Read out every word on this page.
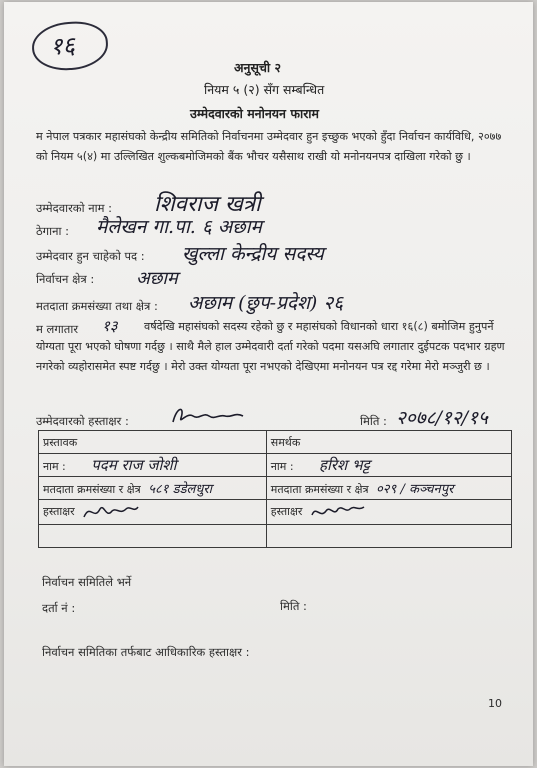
१६
अनुसूची २
नियम ५ (२) सँग सम्बन्धित
उम्मेदवारको मनोनयन फाराम
म नेपाल पत्रकार महासंघको केन्द्रीय समितिको निर्वाचनमा उम्मेदवार हुन इच्छुक भएको हुँदा निर्वाचन कार्यविधि, २०७७ को नियम ५(४) मा उल्लिखित शुल्कबमोजिमको बैंक भौचर यसैसाथ राखी यो मनोनयनपत्र दाखिला गरेको छु ।
उम्मेदवारको नाम : शिवराज खत्री
ठेगाना : मैलेखन गा.पा. ६ अछाम
उम्मेदवार हुन चाहेको पद : खुल्ला केन्द्रीय सदस्य
निर्वाचन क्षेत्र : अछाम
मतदाता क्रमसंख्या तथा क्षेत्र : अछाम (छुप-प्रदेश) २६
म लगातार १३	वर्षदेखि महासंघको सदस्य रहेको छु र महासंघको विधानको धारा १६(८) बमोजिम हुनुपर्ने योग्यता पूरा भएको घोषणा गर्दछु । साथै मैले हाल उम्मेदवारी दर्ता गरेको पदमा यसअघि लगातार दुईपटक पदभार ग्रहण नगरेको व्यहोरासमेत स्पष्ट गर्दछु । मेरो उक्त योग्यता पूरा नभएको देखिएमा मनोनयन पत्र रद्द गरेमा मेरो मञ्जुरी छ ।
उम्मेदवारको हस्ताक्षर :	मिति : २०७८/१२/१५
प्रस्तावक	समर्थक
नाम : पदम राज जोशी	नाम : हरिश भट्ट
मतदाता क्रमसंख्या र क्षेत्र ५८१ डडेलधुरा	मतदाता क्रमसंख्या र क्षेत्र ०२९ / कञ्चनपुर
हस्ताक्षर	हस्ताक्षर

निर्वाचन समितिले भर्ने
दर्ता नं :	मिति :
निर्वाचन समितिका तर्फबाट आधिकारिक हस्ताक्षर :
10
